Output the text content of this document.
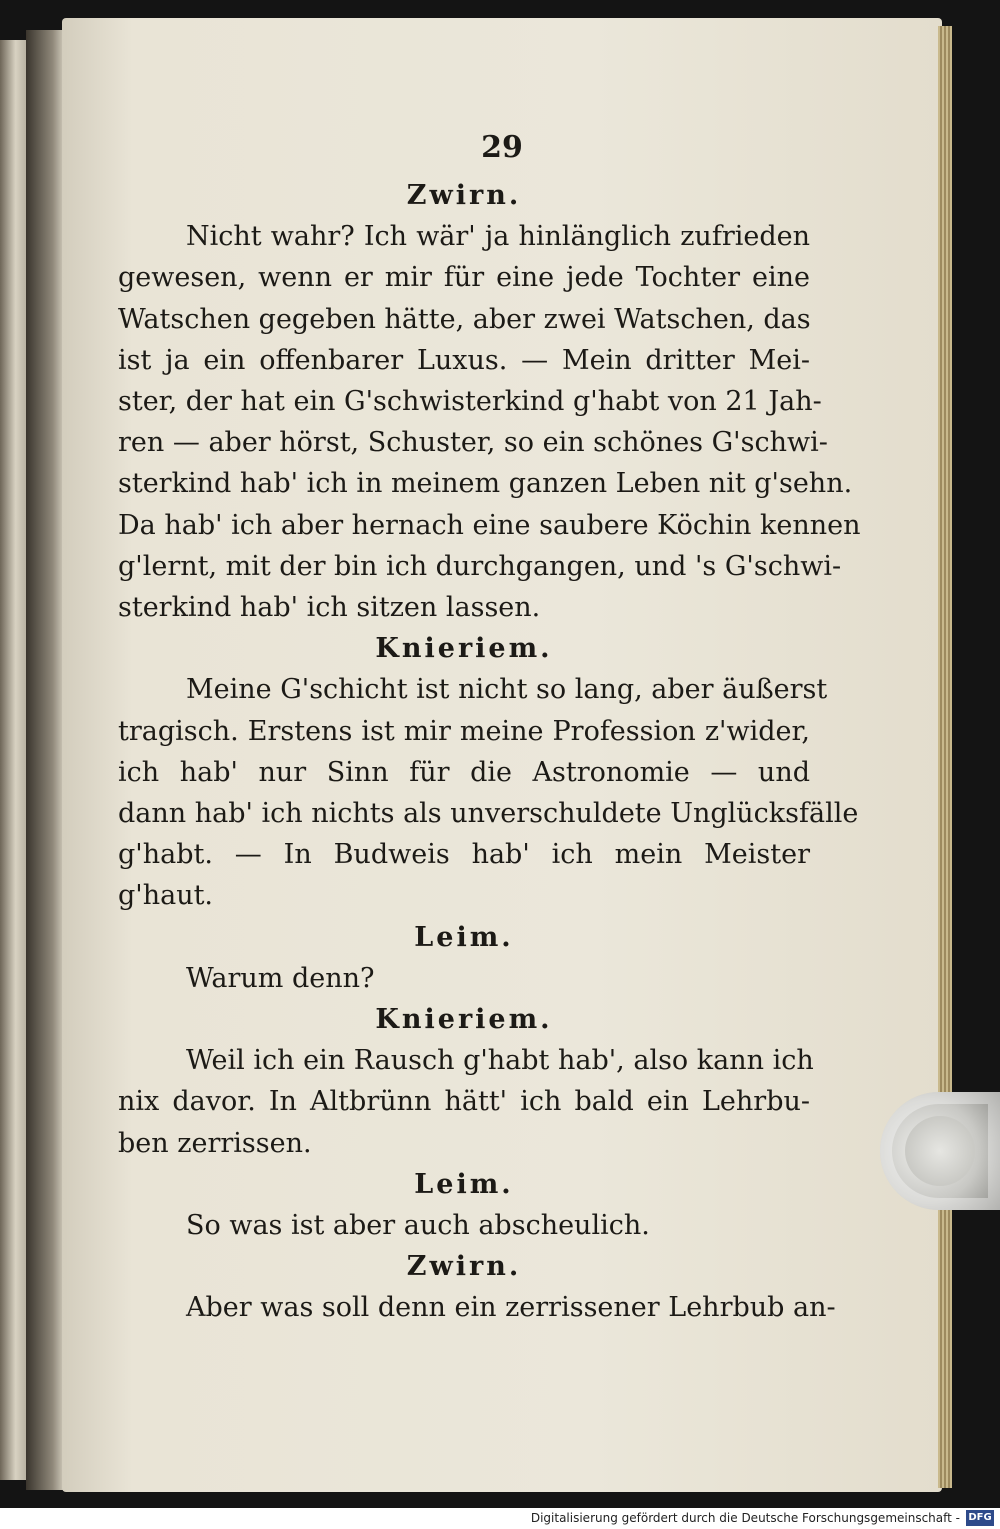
29
Zwirn.
Nicht wahr? Ich wär' ja hinlänglich zufrieden
gewesen, wenn er mir für eine jede Tochter eine
Watschen gegeben hätte, aber zwei Watschen, das
ist ja ein offenbarer Luxus. — Mein dritter Mei-
ster, der hat ein G'schwisterkind g'habt von 21 Jah-
ren — aber hörst, Schuster, so ein schönes G'schwi-
sterkind hab' ich in meinem ganzen Leben nit g'sehn.
Da hab' ich aber hernach eine saubere Köchin kennen
g'lernt, mit der bin ich durchgangen, und 's G'schwi-
sterkind hab' ich sitzen lassen.
Knieriem.
Meine G'schicht ist nicht so lang, aber äußerst
tragisch. Erstens ist mir meine Profession z'wider,
ich hab' nur Sinn für die Astronomie — und
dann hab' ich nichts als unverschuldete Unglücksfälle
g'habt. — In Budweis hab' ich mein Meister
g'haut.
Leim.
Warum denn?
Knieriem.
Weil ich ein Rausch g'habt hab', also kann ich
nix davor. In Altbrünn hätt' ich bald ein Lehrbu-
ben zerrissen.
Leim.
So was ist aber auch abscheulich.
Zwirn.
Aber was soll denn ein zerrissener Lehrbub an-
Digitalisierung gefördert durch die Deutsche Forschungsgemeinschaft - DFG
